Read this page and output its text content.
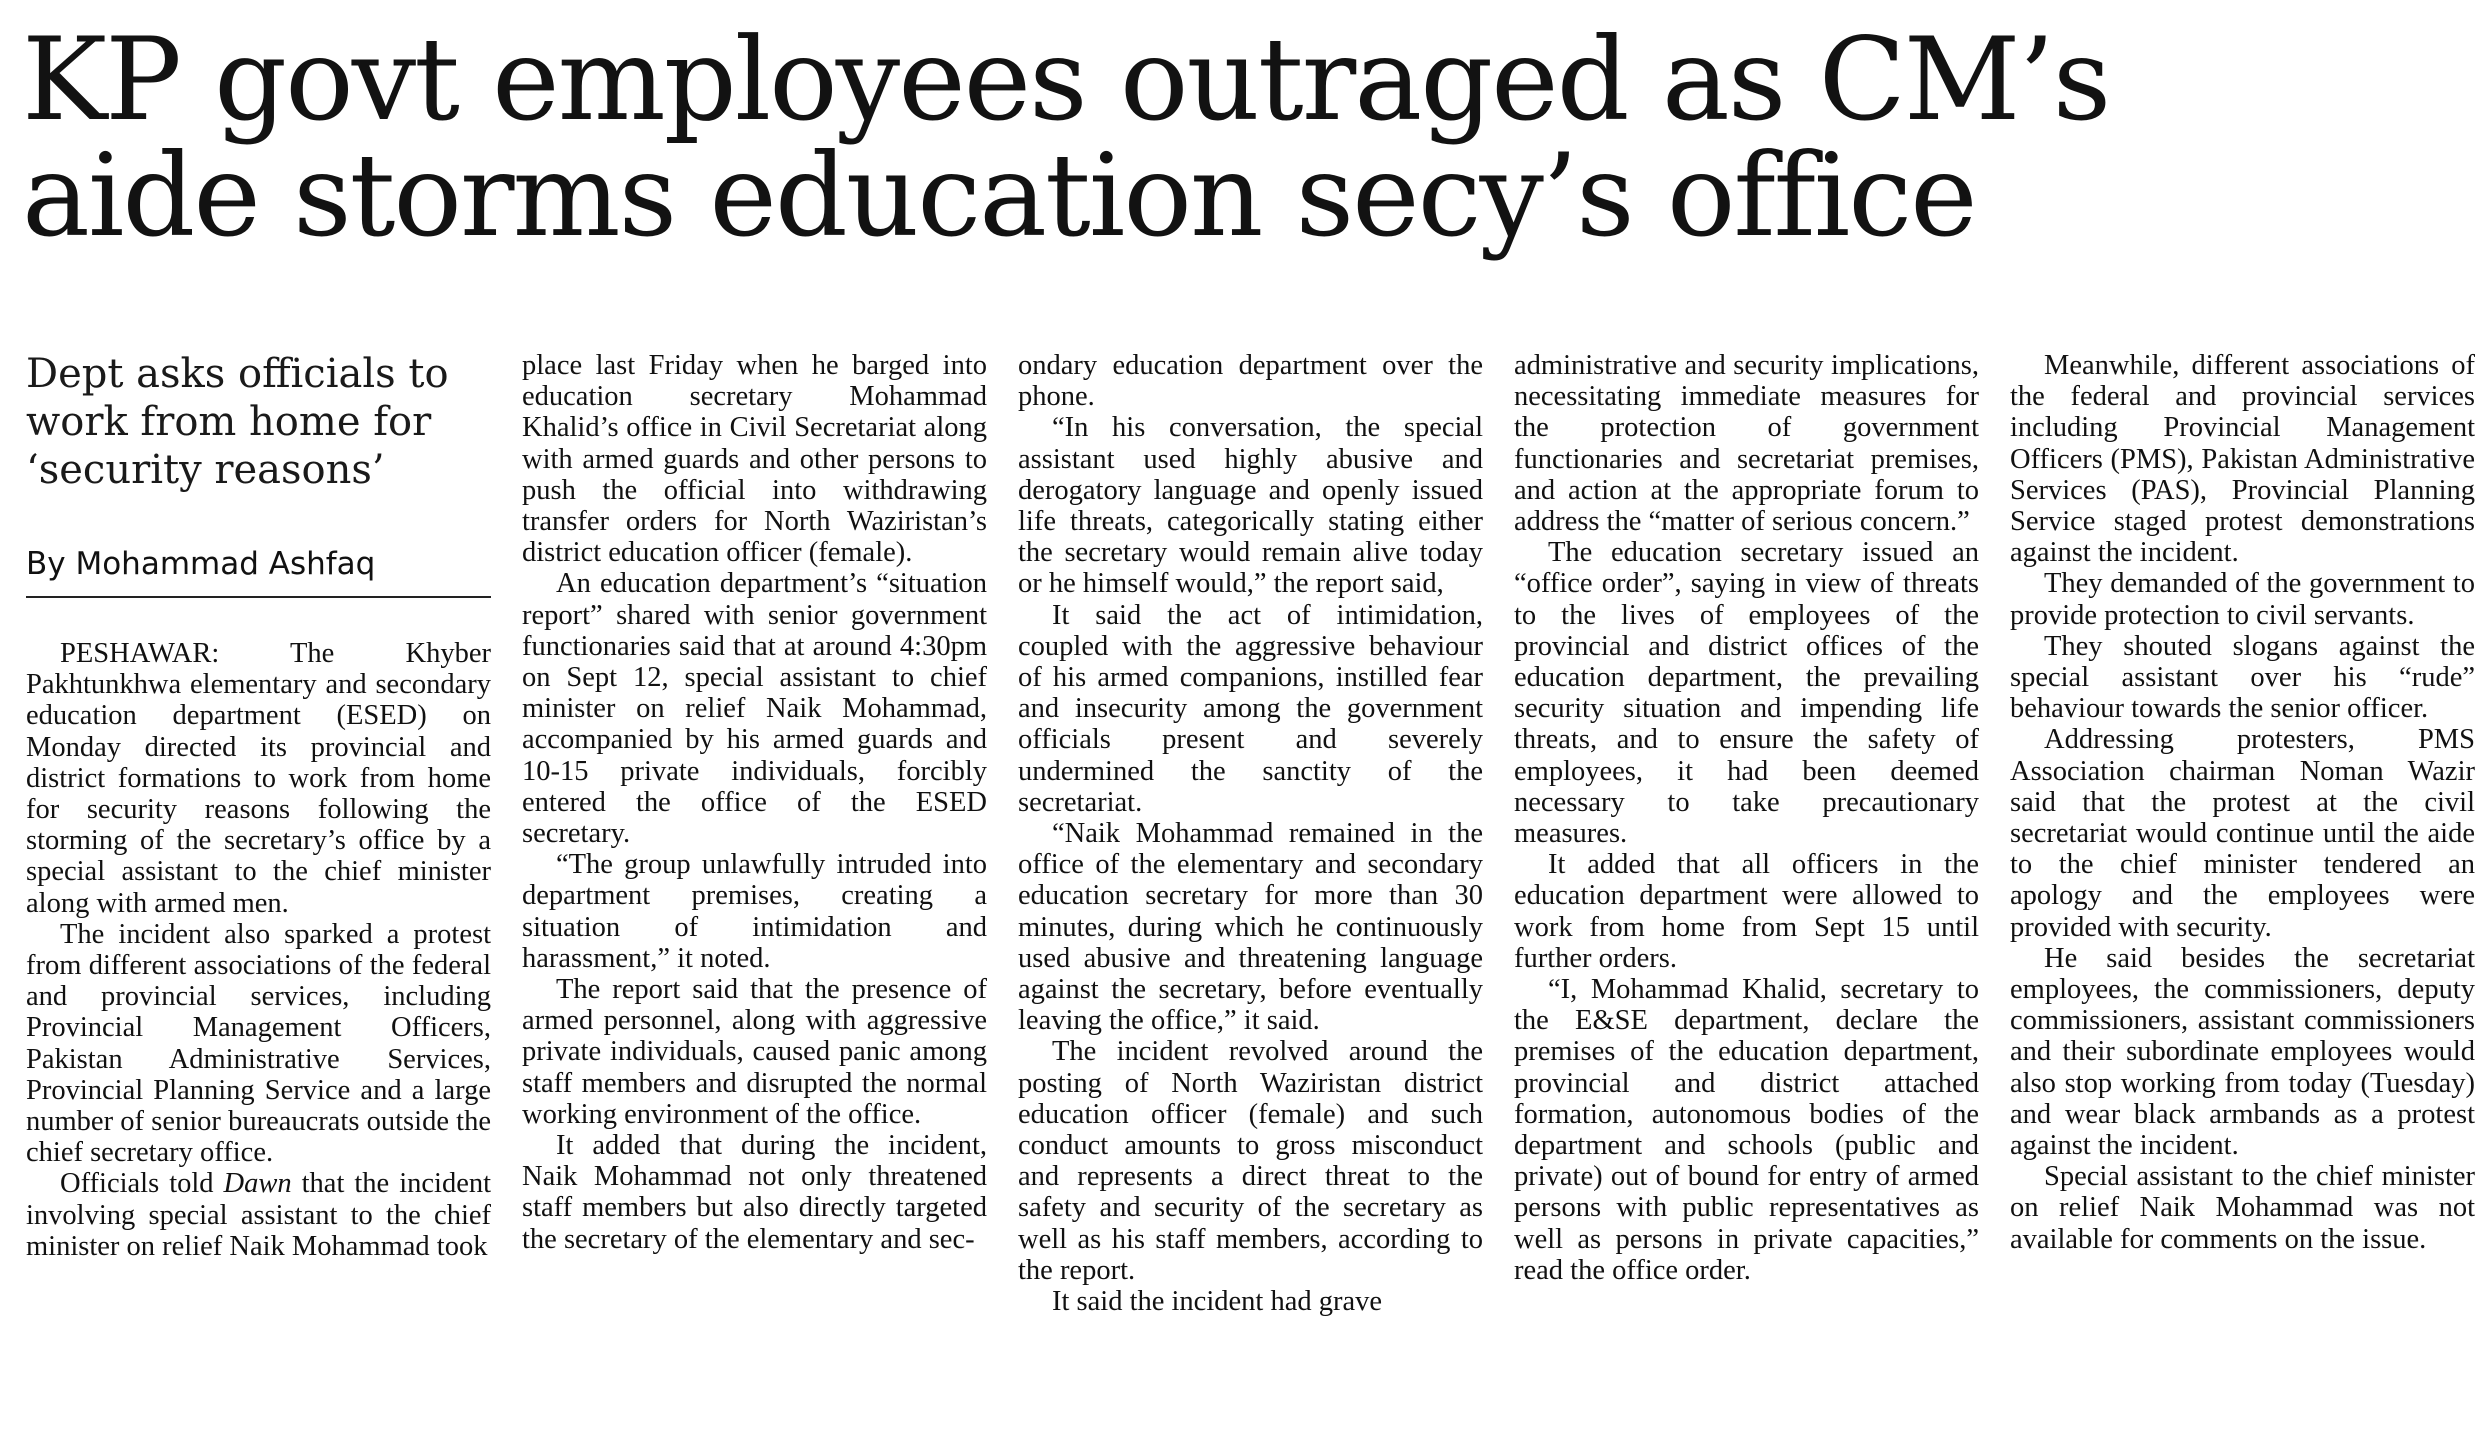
KP govt employees outraged as CM’s
aide storms education secy’s office
Dept asks officials to work from home for ‘security reasons’
By Mohammad Ashfaq

PESHAWAR: The Khyber Pakhtunkhwa elementary and secondary education department (ESED) on Monday directed its provincial and district formations to work from home for security reasons following the storming of the secretary’s office by a special assistant to the chief minister along with armed men.

The incident also sparked a protest from different associations of the federal and provincial services, including Provincial Management Officers, Pakistan Administrative Services, Provincial Planning Service and a large number of senior bureaucrats outside the chief secretary office.

Officials told Dawn that the incident involving special assistant to the chief minister on relief Naik Mohammad took

place last Friday when he barged into education secretary Mohammad Khalid’s office in Civil Secretariat along with armed guards and other persons to push the official into withdrawing transfer orders for North Waziristan’s district education officer (female).

An education department’s “situation report” shared with senior government functionaries said that at around 4:30pm on Sept 12, special assistant to chief minister on relief Naik Mohammad, accompanied by his armed guards and 10-15 private individuals, forcibly entered the office of the ESED secretary.

“The group unlawfully intruded into department premises, creating a situation of intimidation and harassment,” it noted.

The report said that the presence of armed personnel, along with aggressive private individuals, caused panic among staff members and disrupted the normal working environment of the office.

It added that during the incident, Naik Mohammad not only threatened staff members but also directly targeted the secretary of the elementary and sec-

ondary education department over the phone.

“In his conversation, the special assistant used highly abusive and derogatory language and openly issued life threats, categorically stating either the secretary would remain alive today or he himself would,” the report said,

It said the act of intimidation, coupled with the aggressive behaviour of his armed companions, instilled fear and insecurity among the government officials present and severely undermined the sanctity of the secretariat.

“Naik Mohammad remained in the office of the elementary and secondary education secretary for more than 30 minutes, during which he continuously used abusive and threatening language against the secretary, before eventually leaving the office,” it said.

The incident revolved around the posting of North Waziristan district education officer (female) and such conduct amounts to gross misconduct and represents a direct threat to the safety and security of the secretary as well as his staff members, according to the report.

It said the incident had grave

administrative and security implications, necessitating immediate measures for the protection of government functionaries and secretariat premises, and action at the appropriate forum to address the “matter of serious concern.”

The education secretary issued an “office order”, saying in view of threats to the lives of employees of the provincial and district offices of the education department, the prevailing security situation and impending life threats, and to ensure the safety of employees, it had been deemed necessary to take precautionary measures.

It added that all officers in the education department were allowed to work from home from Sept 15 until further orders.

“I, Mohammad Khalid, secretary to the E&SE department, declare the premises of the education department, provincial and district attached formation, autonomous bodies of the department and schools (public and private) out of bound for entry of armed persons with public representatives as well as persons in private capacities,” read the office order.

Meanwhile, different associations of the federal and provincial services including Provincial Management Officers (PMS), Pakistan Administrative Services (PAS), Provincial Planning Service staged protest demonstrations against the incident.

They demanded of the government to provide protection to civil servants.

They shouted slogans against the special assistant over his “rude” behaviour towards the senior officer.

Addressing protesters, PMS Association chairman Noman Wazir said that the protest at the civil secretariat would continue until the aide to the chief minister tendered an apology and the employees were provided with security.

He said besides the secretariat employees, the commissioners, deputy commissioners, assistant commissioners and their subordinate employees would also stop working from today (Tuesday) and wear black armbands as a protest against the incident.

Special assistant to the chief minister on relief Naik Mohammad was not available for comments on the issue.
